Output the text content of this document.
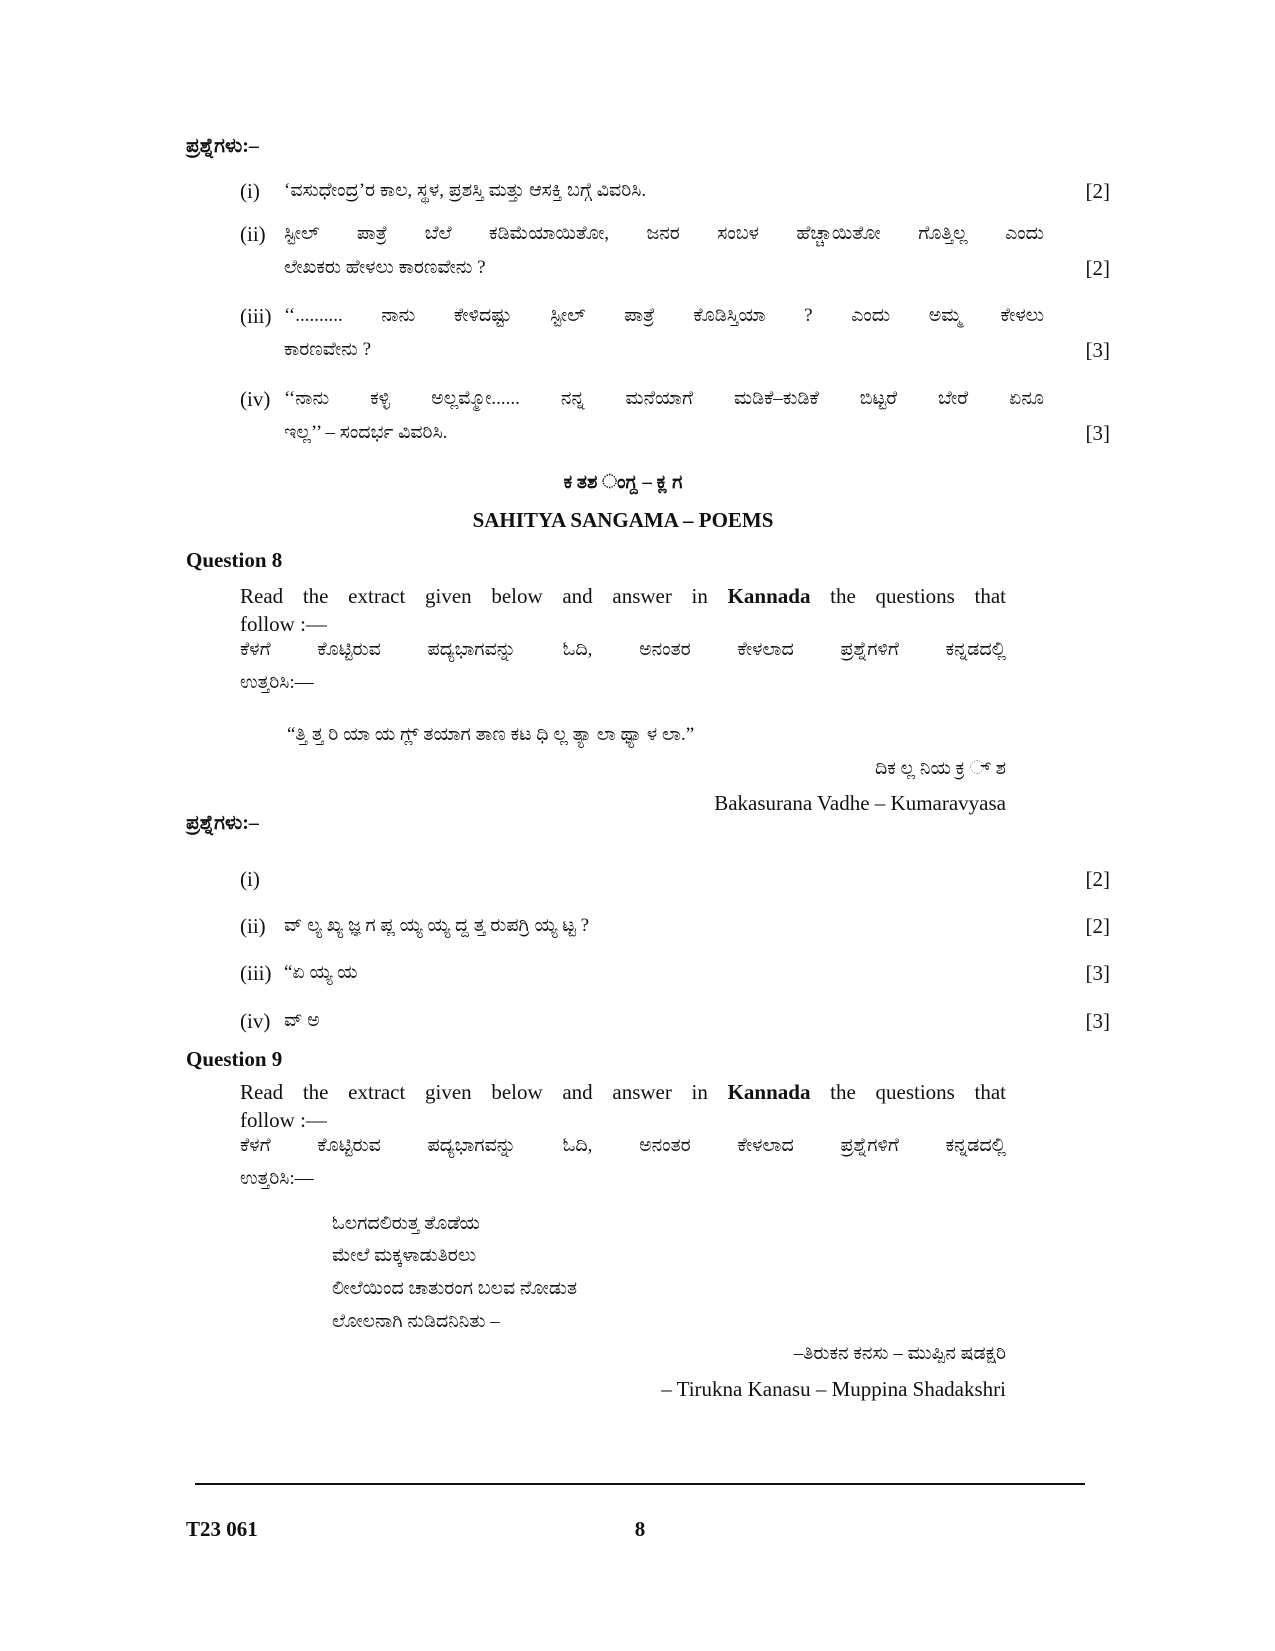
ಪ್ರಶ್ನೆಗಳು:–
(i) ‘ವಸುಧೇಂದ್ರ’ರ ಕಾಲ, ಸ್ಥಳ, ಪ್ರಶಸ್ತಿ ಮತ್ತು ಆಸಕ್ತಿ ಬಗ್ಗೆ ವಿವರಿಸಿ.	[2]
(ii) ಸ್ಟೀಲ್ ಪಾತ್ರೆ ಬೆಲೆ ಕಡಿಮೆಯಾಯಿತೋ, ಜನರ ಸಂಬಳ ಹೆಚ್ಚಾಯಿತೋ ಗೊತ್ತಿಲ್ಲ ಎಂದು
ಲೇಖಕರು ಹೇಳಲು ಕಾರಣವೇನು ?	[2]
(iii) ‘‘.......... ನಾನು ಕೇಳಿದಷ್ಟು ಸ್ಟೀಲ್ ಪಾತ್ರೆ ಕೊಡಿಸ್ತಿಯಾ ? ಎಂದು ಅಮ್ಮ ಕೇಳಲು
ಕಾರಣವೇನು ?	[3]
(iv) ‘‘ನಾನು ಕಳ್ಳಿ ಅಲ್ಲಮ್ಮೋ...... ನನ್ನ ಮನೆಯಾಗೆ ಮಡಿಕೆ–ಕುಡಿಕೆ ಬಿಟ್ಟರೆ ಬೇರೆ ಏನೂ
ಇಲ್ಲ’’ – ಸಂದರ್ಭ ವಿವರಿಸಿ.	[3]
ಕ ತಶ ಂಗ್ದ – ಕ್ಲ ಗ
SAHITYA SANGAMA – POEMS
Question 8
Read the extract given below and answer in Kannada the questions that
follow :—
ಕೆಳಗೆ ಕೊಟ್ಟಿರುವ ಪದ್ಯಭಾಗವನ್ನು ಓದಿ, ಅನಂತರ ಕೇಳಲಾದ ಪ್ರಶ್ನೆಗಳಿಗೆ ಕನ್ನಡದಲ್ಲಿ
ಉತ್ತರಿಸಿ:—
“ತ್ತಿ ತ್ತ ರಿ ಯಾ ಯ ಗ್ಲ್ ತಯಾಗ ತಾಣ ಕಟ ಧಿ ಲ್ಲ ತ್ಯಾ ಲಾ ಥ್ಯಾ ಳ ಲಾ.”
ದಿಕ ಲ್ಲ ನಿಯ ಕ್ರ ್ ಶ
Bakasurana Vadhe – Kumaravyasa
ಪ್ರಶ್ನೆಗಳು:–
(i)	[2]
(ii) ವ್ ಲ್ಯ ಖ್ಯ ಜ್ಞ ಗ ಪ್ಲ ಯ್ಯ ಯ್ಯ ದ್ದ ತ್ತ ರುಪಗ್ರಿ ಯ್ಯ ಟ್ಟ ?	[2]
(iii) “ಏ ಯ್ಯ ಯ	[3]
(iv) ವ್ ಅ	[3]
Question 9
Read the extract given below and answer in Kannada the questions that
follow :—
ಕೆಳಗೆ ಕೊಟ್ಟಿರುವ ಪದ್ಯಭಾಗವನ್ನು ಓದಿ, ಅನಂತರ ಕೇಳಲಾದ ಪ್ರಶ್ನೆಗಳಿಗೆ ಕನ್ನಡದಲ್ಲಿ
ಉತ್ತರಿಸಿ:—
ಓಲಗದಲಿರುತ್ತ ತೊಡೆಯ
ಮೇಲೆ ಮಕ್ಕಳಾಡುತಿರಲು
ಲೀಲೆಯಿಂದ ಚಾತುರಂಗ ಬಲವ ನೋಡುತ
ಲೋಲನಾಗಿ ನುಡಿದನಿನಿತು –
–ತಿರುಕನ ಕನಸು – ಮುಪ್ಪಿನ ಷಡಕ್ಷರಿ
– Tirukna Kanasu – Muppina Shadakshri
T23 061	8
